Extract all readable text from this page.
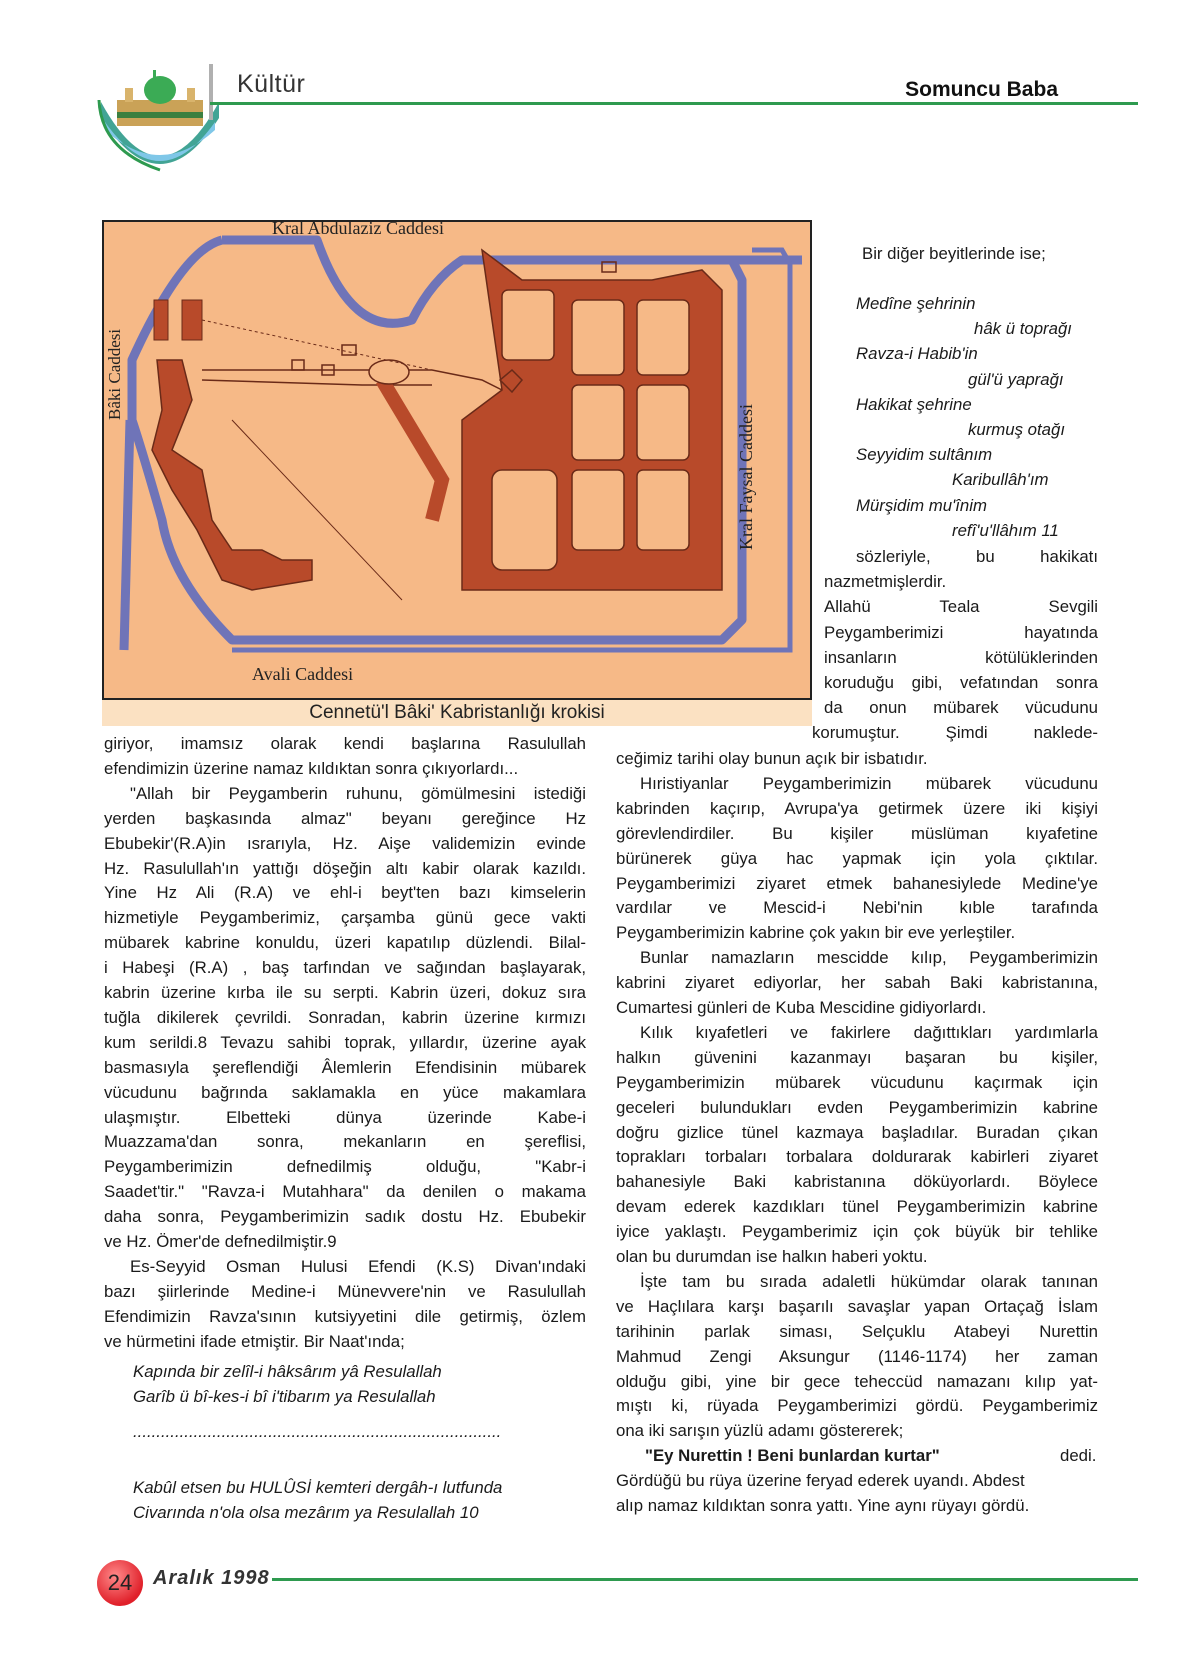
Kültür	Somuncu Baba
Kral Abdulaziz Caddesi
Bâki Caddesi
Kral Faysal Caddesi
Avali Caddesi
Cennetü'l Bâki' Kabristanlığı krokisi
giriyor, imamsız olarak kendi başlarına Rasulullah
efendimizin üzerine namaz kıldıktan sonra çıkıyorlardı...
"Allah bir Peygamberin ruhunu, gömülmesini istediği
yerden başkasında almaz" beyanı gereğince Hz
Ebubekir'(R.A)in ısrarıyla, Hz. Aişe validemizin evinde
Hz. Rasulullah'ın yattığı döşeğin altı kabir olarak kazıldı.
Yine Hz Ali (R.A) ve ehl-i beyt'ten bazı kimselerin
hizmetiyle Peygamberimiz, çarşamba günü gece vakti
mübarek kabrine konuldu, üzeri kapatılıp düzlendi. Bilal-
i Habeşi (R.A) , baş tarfından ve sağından başlayarak,
kabrin üzerine kırba ile su serpti. Kabrin üzeri, dokuz sıra
tuğla dikilerek çevrildi. Sonradan, kabrin üzerine kırmızı
kum serildi.8 Tevazu sahibi toprak, yıllardır, üzerine ayak
basmasıyla şereflendiği Âlemlerin Efendisinin mübarek
vücudunu bağrında saklamakla en yüce makamlara
ulaşmıştır. Elbetteki dünya üzerinde Kabe-i
Muazzama'dan sonra, mekanların en şereflisi,
Peygamberimizin defnedilmiş olduğu, "Kabr-i
Saadet'tir." "Ravza-i Mutahhara" da denilen o makama
daha sonra, Peygamberimizin sadık dostu Hz. Ebubekir
ve Hz. Ömer'de defnedilmiştir.9
Es-Seyyid Osman Hulusi Efendi (K.S) Divan'ındaki
bazı şiirlerinde Medine-i Münevvere'nin ve Rasulullah
Efendimizin Ravza'sının kutsiyyetini dile getirmiş, özlem
ve hürmetini ifade etmiştir. Bir Naat'ında;
Kapında bir zelîl-i hâksârım yâ Resulallah
Garîb ü bî-kes-i bî i'tibarım ya Resulallah
...............................................................................
Kabûl etsen bu HULÛSİ kemteri dergâh-ı lutfunda
Civarında n'ola olsa mezârım ya Resulallah 10
Bir diğer beyitlerinde ise;
Medîne şehrinin
hâk ü toprağı
Ravza-i Habib'in
gül'ü yaprağı
Hakikat şehrine
kurmuş otağı
Seyyidim sultânım
Karibullâh'ım
Mürşidim mu'înim
refî'u'llâhım 11
sözleriyle, bu hakikatı
nazmetmişlerdir.
Allahü Teala Sevgili
Peygamberimizi hayatında
insanların kötülüklerinden
koruduğu gibi, vefatından sonra
da onun mübarek vücudunu
korumuştur. Şimdi naklede-
ceğimiz tarihi olay bunun açık bir isbatıdır.
Hıristiyanlar Peygamberimizin mübarek vücudunu
kabrinden kaçırıp, Avrupa'ya getirmek üzere iki kişiyi
görevlendirdiler. Bu kişiler müslüman kıyafetine
bürünerek güya hac yapmak için yola çıktılar.
Peygamberimizi ziyaret etmek bahanesiylede Medine'ye
vardılar ve Mescid-i Nebi'nin kıble tarafında
Peygamberimizin kabrine çok yakın bir eve yerleştiler.
Bunlar namazların mescidde kılıp, Peygamberimizin
kabrini ziyaret ediyorlar, her sabah Baki kabristanına,
Cumartesi günleri de Kuba Mescidine gidiyorlardı.
Kılık kıyafetleri ve fakirlere dağıttıkları yardımlarla
halkın güvenini kazanmayı başaran bu kişiler,
Peygamberimizin mübarek vücudunu kaçırmak için
geceleri bulundukları evden Peygamberimizin kabrine
doğru gizlice tünel kazmaya başladılar. Buradan çıkan
toprakları torbaları torbalara doldurarak kabirleri ziyaret
bahanesiyle Baki kabristanına döküyorlardı. Böylece
devam ederek kazdıkları tünel Peygamberimizin kabrine
iyice yaklaştı. Peygamberimiz için çok büyük bir tehlike
olan bu durumdan ise halkın haberi yoktu.
İşte tam bu sırada adaletli hükümdar olarak tanınan
ve Haçlılara karşı başarılı savaşlar yapan Ortaçağ İslam
tarihinin parlak siması, Selçuklu Atabeyi Nurettin
Mahmud Zengi Aksungur (1146-1174) her zaman
olduğu gibi, yine bir gece teheccüd namazanı kılıp yat-
mıştı ki, rüyada Peygamberimizi gördü. Peygamberimiz
ona iki sarışın yüzlü adamı göstererek;
"Ey Nurettin ! Beni bunlardan kurtar"	dedi.
Gördüğü bu rüya üzerine feryad ederek uyandı. Abdest
alıp namaz kıldıktan sonra yattı. Yine aynı rüyayı gördü.
24	Aralık 1998
